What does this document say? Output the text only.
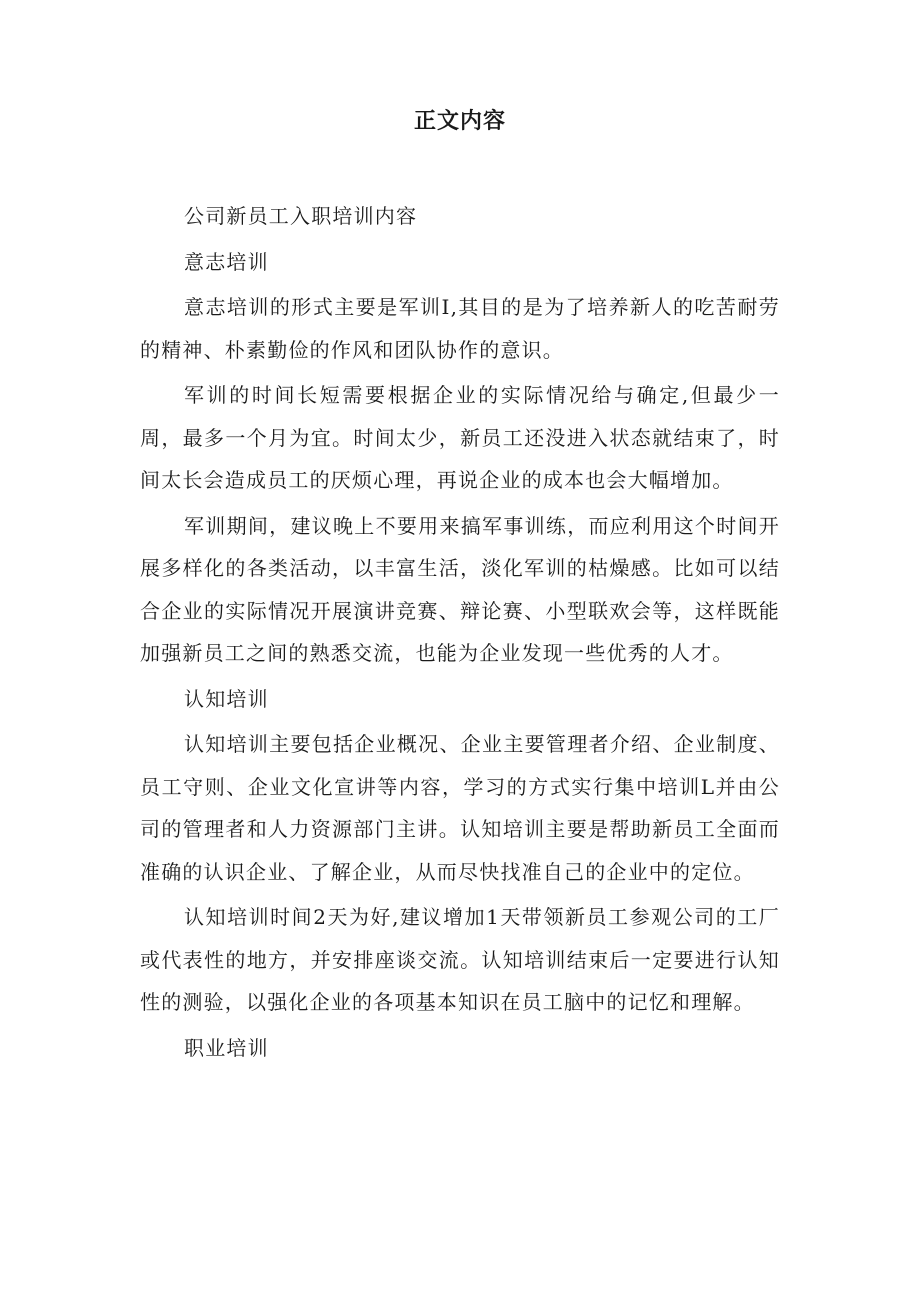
正文内容

公司新员工入职培训内容

意志培训

意志培训的形式主要是军训I,其目的是为了培养新人的吃苦耐劳的精神、朴素勤俭的作风和团队协作的意识。

军训的时间长短需要根据企业的实际情况给与确定,但最少一周，最多一个月为宜。时间太少，新员工还没进入状态就结束了，时间太长会造成员工的厌烦心理，再说企业的成本也会大幅增加。

军训期间，建议晚上不要用来搞军事训练，而应利用这个时间开展多样化的各类活动，以丰富生活，淡化军训的枯燥感。比如可以结合企业的实际情况开展演讲竞赛、辩论赛、小型联欢会等，这样既能加强新员工之间的熟悉交流，也能为企业发现一些优秀的人才。

认知培训

认知培训主要包括企业概况、企业主要管理者介绍、企业制度、员工守则、企业文化宣讲等内容，学习的方式实行集中培训L并由公司的管理者和人力资源部门主讲。认知培训主要是帮助新员工全面而准确的认识企业、了解企业，从而尽快找准自己的企业中的定位。

认知培训时间2天为好,建议增加1天带领新员工参观公司的工厂或代表性的地方，并安排座谈交流。认知培训结束后一定要进行认知性的测验，以强化企业的各项基本知识在员工脑中的记忆和理解。

职业培训
